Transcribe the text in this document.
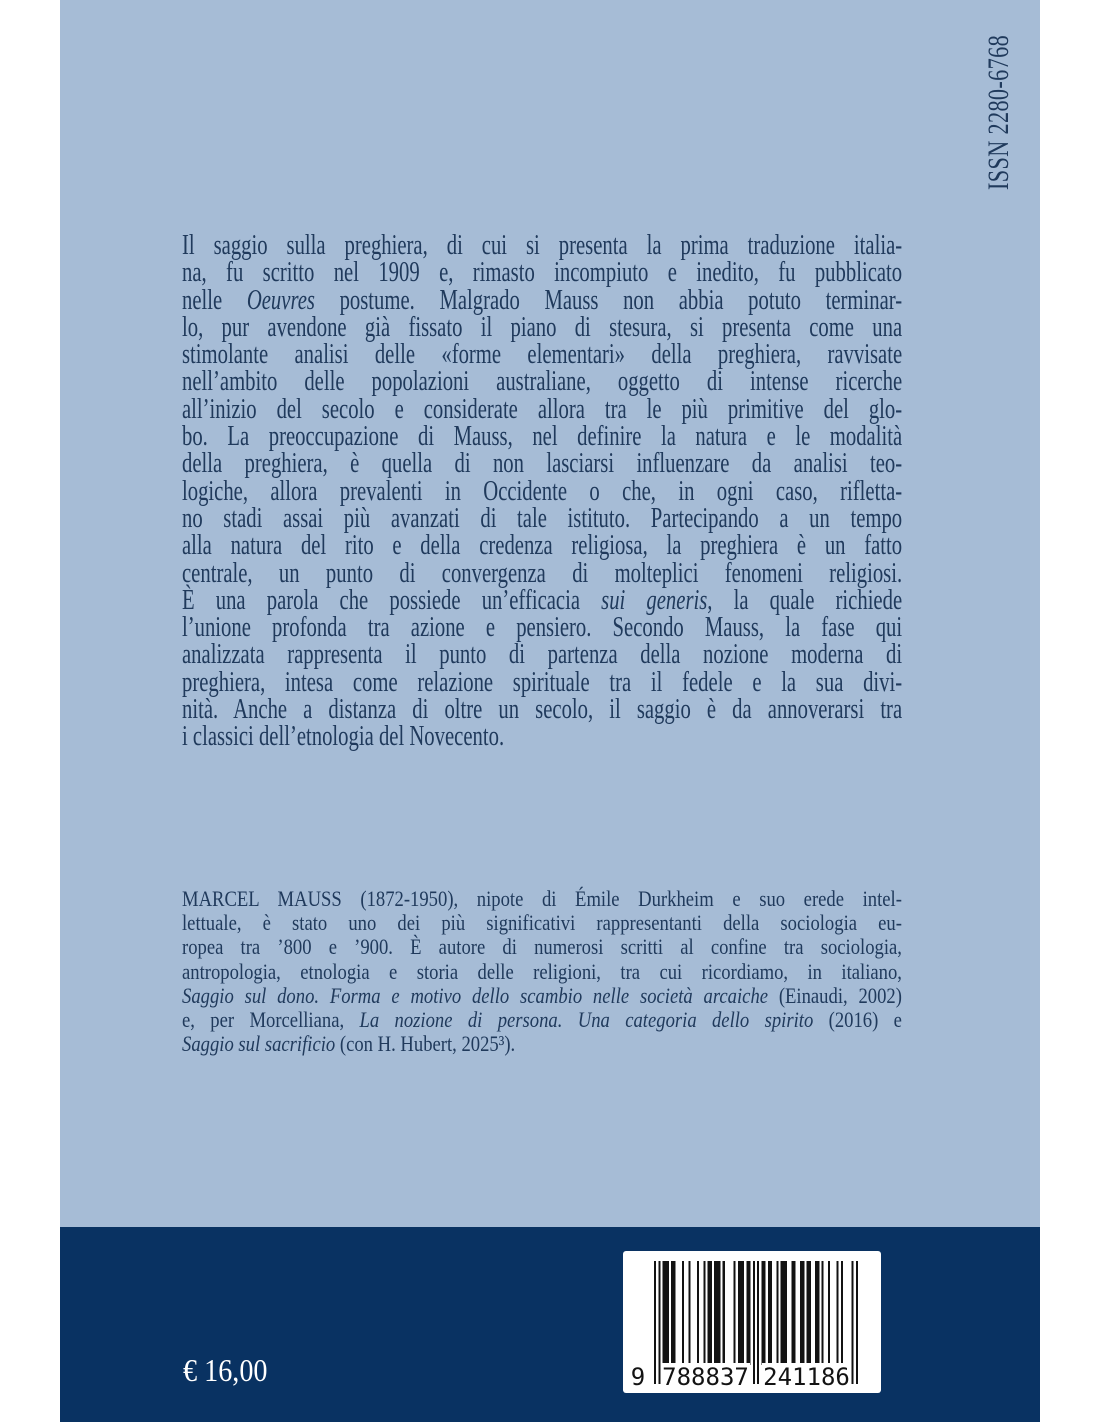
ISSN 2280-6768
Il saggio sulla preghiera, di cui si presenta la prima traduzione italia-
na, fu scritto nel 1909 e, rimasto incompiuto e inedito, fu pubblicato
nelle Oeuvres postume. Malgrado Mauss non abbia potuto terminar-
lo, pur avendone già fissato il piano di stesura, si presenta come una
stimolante analisi delle «forme elementari» della preghiera, ravvisate
nell’ambito delle popolazioni australiane, oggetto di intense ricerche
all’inizio del secolo e considerate allora tra le più primitive del glo-
bo. La preoccupazione di Mauss, nel definire la natura e le modalità
della preghiera, è quella di non lasciarsi influenzare da analisi teo-
logiche, allora prevalenti in Occidente o che, in ogni caso, rifletta-
no stadi assai più avanzati di tale istituto. Partecipando a un tempo
alla natura del rito e della credenza religiosa, la preghiera è un fatto
centrale, un punto di convergenza di molteplici fenomeni religiosi.
È una parola che possiede un’efficacia sui generis, la quale richiede
l’unione profonda tra azione e pensiero. Secondo Mauss, la fase qui
analizzata rappresenta il punto di partenza della nozione moderna di
preghiera, intesa come relazione spirituale tra il fedele e la sua divi-
nità. Anche a distanza di oltre un secolo, il saggio è da annoverarsi tra
i classici dell’etnologia del Novecento.
MARCEL MAUSS (1872-1950), nipote di Émile Durkheim e suo erede intel-
lettuale, è stato uno dei più significativi rappresentanti della sociologia eu-
ropea tra ’800 e ’900. È autore di numerosi scritti al confine tra sociologia,
antropologia, etnologia e storia delle religioni, tra cui ricordiamo, in italiano,
Saggio sul dono. Forma e motivo dello scambio nelle società arcaiche (Einaudi, 2002)
e, per Morcelliana, La nozione di persona. Una categoria dello spirito (2016) e
Saggio sul sacrificio (con H. Hubert, 2025³).
€ 16,00	9 788837 241186
